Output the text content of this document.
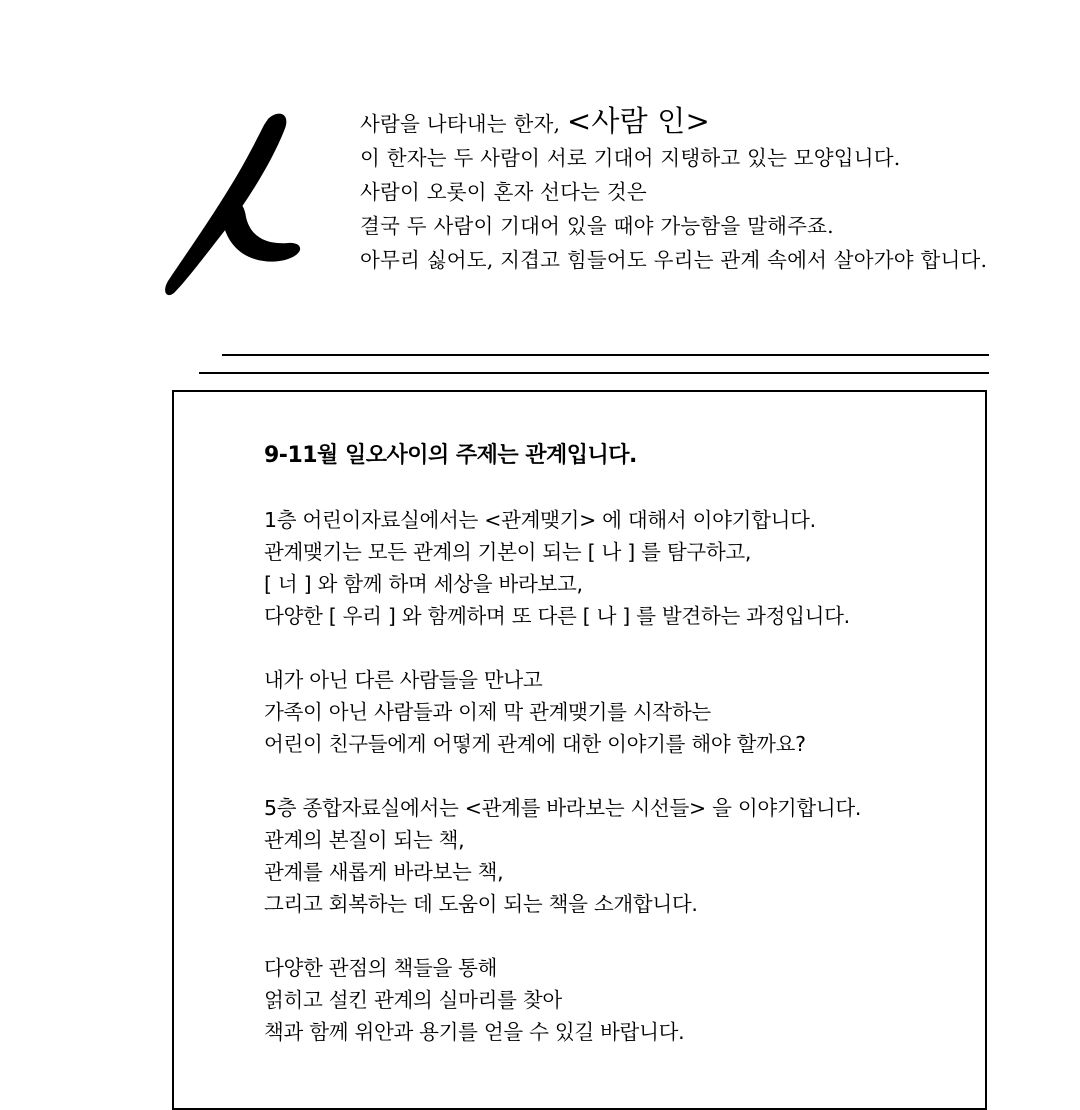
사람을 나타내는 한자, <사람 인>
이 한자는 두 사람이 서로 기대어 지탱하고 있는 모양입니다.
사람이 오롯이 혼자 선다는 것은
결국 두 사람이 기대어 있을 때야 가능함을 말해주죠.
아무리 싫어도, 지겹고 힘들어도 우리는 관계 속에서 살아가야 합니다.
9-11월 일오사이의 주제는 관계입니다.
1층 어린이자료실에서는 <관계맺기> 에 대해서 이야기합니다.
관계맺기는 모든 관계의 기본이 되는 [ 나 ] 를 탐구하고,
[ 너 ] 와 함께 하며 세상을 바라보고,
다양한 [ 우리 ] 와 함께하며 또 다른 [ 나 ] 를 발견하는 과정입니다.
내가 아닌 다른 사람들을 만나고
가족이 아닌 사람들과 이제 막 관계맺기를 시작하는
어린이 친구들에게 어떻게 관계에 대한 이야기를 해야 할까요?
5층 종합자료실에서는 <관계를 바라보는 시선들> 을 이야기합니다.
관계의 본질이 되는 책,
관계를 새롭게 바라보는 책,
그리고 회복하는 데 도움이 되는 책을 소개합니다.
다양한 관점의 책들을 통해
얽히고 설킨 관계의 실마리를 찾아
책과 함께 위안과 용기를 얻을 수 있길 바랍니다.
